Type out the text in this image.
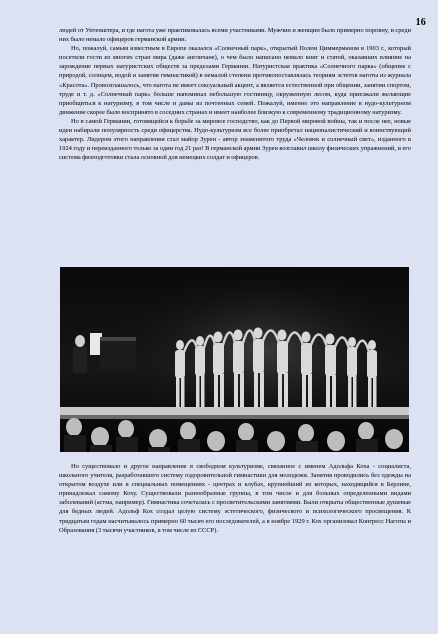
16

людей от Унтенштера, и где нагота уже практиковалась всеми участниками. Мужчин и женщин было примерно поровну, и среди них было немало офицеров германской армии.

Но, пожалуй, самым известным в Европе оказался «Солнечный парк», открытый Полем Циммерманом в 1903 г., который посетили гости из многих стран мира (даже англичане), о чем было написано немало книг и статей, оказавших влияние на зарождение первых натуристских обществ за пределами Германии. Натуристская практика «Солнечного парка» (общение с природой, солнцем, водой и занятия гимнастикой) в немалой степени противопоставлялась теориям эстетов наготы из журнала «Красота». Провозглашалось, что нагота не имеет сексуальный акцент, а является естественной при общении, занятии спортом, труде и т. д. «Солнечный парк» больше напоминал небольшую гостиницу, окруженную лесом, куда приезжали желающие приобщиться к натуризму, в том числе и дамы из почтенных семей. Пожалуй, именно это направление в нудо-культурном движение скорее было воспринято в соседних странах и имеет наиболее близкую к современному традиционному натуризму.

Но в самой Германии, готовящейся к борьбе за мировое господство, как до Первой мировой войны, так и после нее, новые идеи набирали популярность среди офицерства. Нудо-культуризм все более приобретал националистический и воинствующий характер. Лидером этого направления стал майор Зурен - автор знаменитого труда «Человек и солнечный свет», изданного в 1924 году и переизданного только за один год 21 раз! В германской армии Зурен возглавил школу физических упражнений, и его система физподготовки стала основной для немецких солдат и офицеров.

Но существовало и другое направление в свободном культуризме, связанное с именем Адольфа Коха - социалиста, школьного учителя, разработавшего систему оздоровительной гимнастики для молодежи. Занятия проводились без одежды на открытом воздухе или в специальных помещениях - центрах и клубах, крупнейший из которых, находящийся в Берлине, принадлежал самому Коху. Существовали разнообразные группы, в том числе и для больных определенными видами заболеваний (астма, например). Гимнастика сочеталась с просветительскими занятиями. Были открыты общественные душевые для бедных людей. Адольф Кох создал целую систему эстетического, физического и психологического просвещения. К тридцатым годам насчитывалось примерно 60 тысяч его последователей, а в ноябре 1929 г. Кох организовал Конгресс Наготы и Образования (3 тысячи участников, в том числе из СССР).
